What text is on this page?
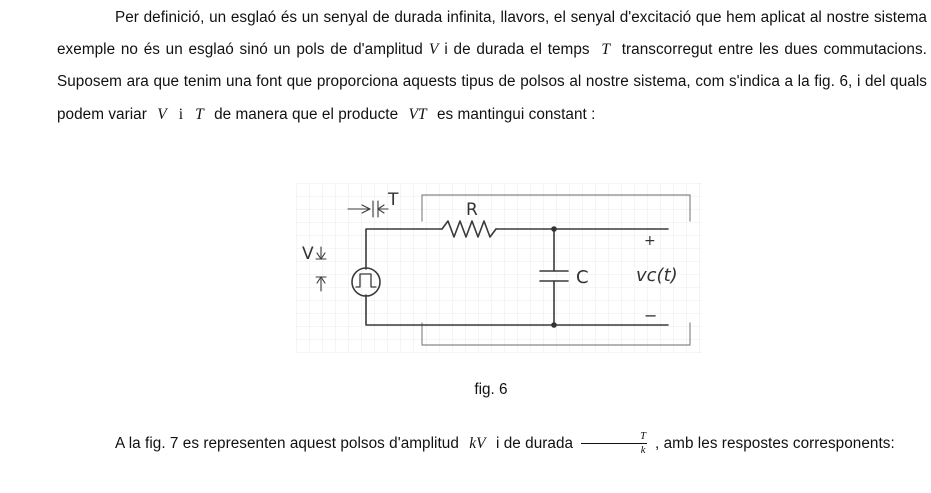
Per definició, un esglaó és un senyal de durada infinita, llavors, el senyal d'excitació que hem aplicat al nostre sistema exemple no és un esglaó sinó un pols de d'amplitud V i de durada el temps T transcorregut entre les dues commutacions. Suposem ara que tenim una font que proporciona aquests tipus de polsos al nostre sistema, com s'indica a la fig. 6, i del quals podem variar V i T de manera que el producte VT es mantingui constant :
T	R
V
C	vc(t)
+
−
fig. 6
A la fig. 7 es representen aquest polsos d'amplitud kV i de durada $\frac{T}{k}$ , amb les respostes corresponents:
